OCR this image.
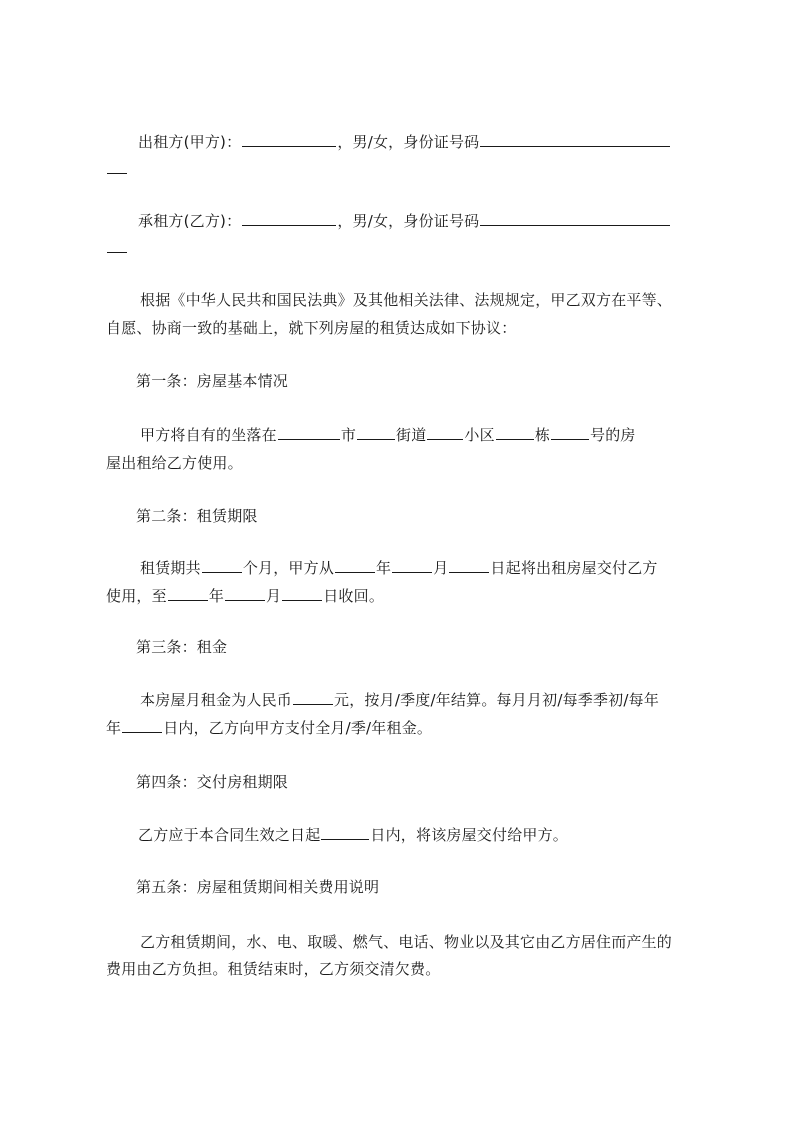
出租方(甲方)：	，男/女，身份证号码
承租方(乙方)：	，男/女，身份证号码
根据《中华人民共和国民法典》及其他相关法律、法规规定，甲乙双方在平等、
自愿、协商一致的基础上，就下列房屋的租赁达成如下协议：
第一条：房屋基本情况
甲方将自有的坐落在	市	街道	小区	栋	号的房
屋出租给乙方使用。
第二条：租赁期限
租赁期共	个月，甲方从	年	月	日起将出租房屋交付乙方
使用，至	年	月	日收回。
第三条：租金
本房屋月租金为人民币	元，按月/季度/年结算。每月月初/每季季初/每年
年	日内，乙方向甲方支付全月/季/年租金。
第四条：交付房租期限
乙方应于本合同生效之日起	日内，将该房屋交付给甲方。
第五条：房屋租赁期间相关费用说明
乙方租赁期间，水、电、取暖、燃气、电话、物业以及其它由乙方居住而产生的
费用由乙方负担。租赁结束时，乙方须交清欠费。
